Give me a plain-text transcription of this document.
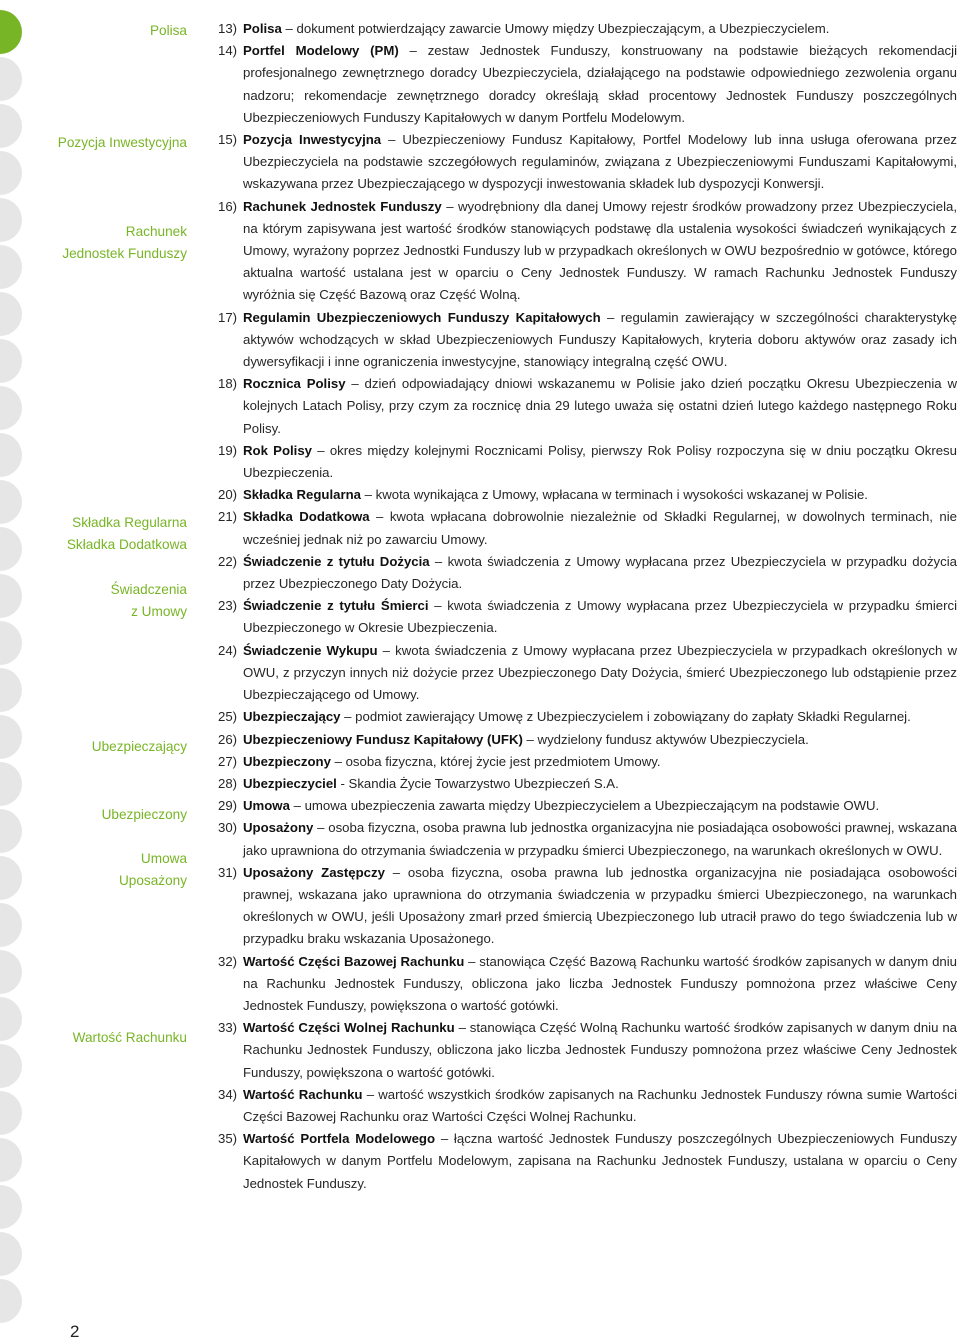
Polisa
Pozycja Inwestycyjna
Rachunek
Jednostek Funduszy
Składka Regularna
Składka Dodatkowa
Świadczenia
z Umowy
Ubezpieczający
Ubezpieczony
Umowa
Uposażony
Wartość Rachunku

13) Polisa – dokument potwierdzający zawarcie Umowy między Ubezpieczającym, a Ubezpieczycielem.

14) Portfel Modelowy (PM) – zestaw Jednostek Funduszy, konstruowany na podstawie bieżących rekomendacji profesjonalnego zewnętrznego doradcy Ubezpieczyciela, działającego na podstawie odpowiedniego zezwolenia organu nadzoru; rekomendacje zewnętrznego doradcy określają skład procentowy Jednostek Funduszy poszczególnych Ubezpieczeniowych Funduszy Kapitałowych w danym Portfelu Modelowym.

15) Pozycja Inwestycyjna – Ubezpieczeniowy Fundusz Kapitałowy, Portfel Modelowy lub inna usługa oferowana przez Ubezpieczyciela na podstawie szczegółowych regulaminów, związana z Ubezpieczeniowymi Funduszami Kapitałowymi, wskazywana przez Ubezpieczającego w dyspozycji inwestowania składek lub dyspozycji Konwersji.

16) Rachunek Jednostek Funduszy – wyodrębniony dla danej Umowy rejestr środków prowadzony przez Ubezpieczyciela, na którym zapisywana jest wartość środków stanowiących podstawę dla ustalenia wysokości świadczeń wynikających z Umowy, wyrażony poprzez Jednostki Funduszy lub w przypadkach określonych w OWU bezpośrednio w gotówce, którego aktualna wartość ustalana jest w oparciu o Ceny Jednostek Funduszy. W ramach Rachunku Jednostek Funduszy wyróżnia się Część Bazową oraz Część Wolną.

17) Regulamin Ubezpieczeniowych Funduszy Kapitałowych – regulamin zawierający w szczególności charakterystykę aktywów wchodzących w skład Ubezpieczeniowych Funduszy Kapitałowych, kryteria doboru aktywów oraz zasady ich dywersyfikacji i inne ograniczenia inwestycyjne, stanowiący integralną część OWU.

18) Rocznica Polisy – dzień odpowiadający dniowi wskazanemu w Polisie jako dzień początku Okresu Ubezpieczenia w kolejnych Latach Polisy, przy czym za rocznicę dnia 29 lutego uważa się ostatni dzień lutego każdego następnego Roku Polisy.

19) Rok Polisy – okres między kolejnymi Rocznicami Polisy, pierwszy Rok Polisy rozpoczyna się w dniu początku Okresu Ubezpieczenia.

20) Składka Regularna – kwota wynikająca z Umowy, wpłacana w terminach i wysokości wskazanej w Polisie.

21) Składka Dodatkowa – kwota wpłacana dobrowolnie niezależnie od Składki Regularnej, w dowolnych terminach, nie wcześniej jednak niż po zawarciu Umowy.

22) Świadczenie z tytułu Dożycia – kwota świadczenia z Umowy wypłacana przez Ubezpieczyciela w przypadku dożycia przez Ubezpieczonego Daty Dożycia.

23) Świadczenie z tytułu Śmierci – kwota świadczenia z Umowy wypłacana przez Ubezpieczyciela w przypadku śmierci Ubezpieczonego w Okresie Ubezpieczenia.

24) Świadczenie Wykupu – kwota świadczenia z Umowy wypłacana przez Ubezpieczyciela w przypadkach określonych w OWU, z przyczyn innych niż dożycie przez Ubezpieczonego Daty Dożycia, śmierć Ubezpieczonego lub odstąpienie przez Ubezpieczającego od Umowy.

25) Ubezpieczający – podmiot zawierający Umowę z Ubezpieczycielem i zobowiązany do zapłaty Składki Regularnej.

26) Ubezpieczeniowy Fundusz Kapitałowy (UFK) – wydzielony fundusz aktywów Ubezpieczyciela.

27) Ubezpieczony – osoba fizyczna, której życie jest przedmiotem Umowy.

28) Ubezpieczyciel - Skandia Życie Towarzystwo Ubezpieczeń S.A.

29) Umowa – umowa ubezpieczenia zawarta między Ubezpieczycielem a Ubezpieczającym na podstawie OWU.

30) Uposażony – osoba fizyczna, osoba prawna lub jednostka organizacyjna nie posiadająca osobowości prawnej, wskazana jako uprawniona do otrzymania świadczenia w przypadku śmierci Ubezpieczonego, na warunkach określonych w OWU.

31) Uposażony Zastępczy – osoba fizyczna, osoba prawna lub jednostka organizacyjna nie posiadająca osobowości prawnej, wskazana jako uprawniona do otrzymania świadczenia w przypadku śmierci Ubezpieczonego, na warunkach określonych w OWU, jeśli Uposażony zmarł przed śmiercią Ubezpieczonego lub utracił prawo do tego świadczenia lub w przypadku braku wskazania Uposażonego.

32) Wartość Części Bazowej Rachunku – stanowiąca Część Bazową Rachunku wartość środków zapisanych w danym dniu na Rachunku Jednostek Funduszy, obliczona jako liczba Jednostek Funduszy pomnożona przez właściwe Ceny Jednostek Funduszy, powiększona o wartość gotówki.

33) Wartość Części Wolnej Rachunku – stanowiąca Część Wolną Rachunku wartość środków zapisanych w danym dniu na Rachunku Jednostek Funduszy, obliczona jako liczba Jednostek Funduszy pomnożona przez właściwe Ceny Jednostek Funduszy, powiększona o wartość gotówki.

34) Wartość Rachunku – wartość wszystkich środków zapisanych na Rachunku Jednostek Funduszy równa sumie Wartości Części Bazowej Rachunku oraz Wartości Części Wolnej Rachunku.

35) Wartość Portfela Modelowego – łączna wartość Jednostek Funduszy poszczególnych Ubezpieczeniowych Funduszy Kapitałowych w danym Portfelu Modelowym, zapisana na Rachunku Jednostek Funduszy, ustalana w oparciu o Ceny Jednostek Funduszy.

2
